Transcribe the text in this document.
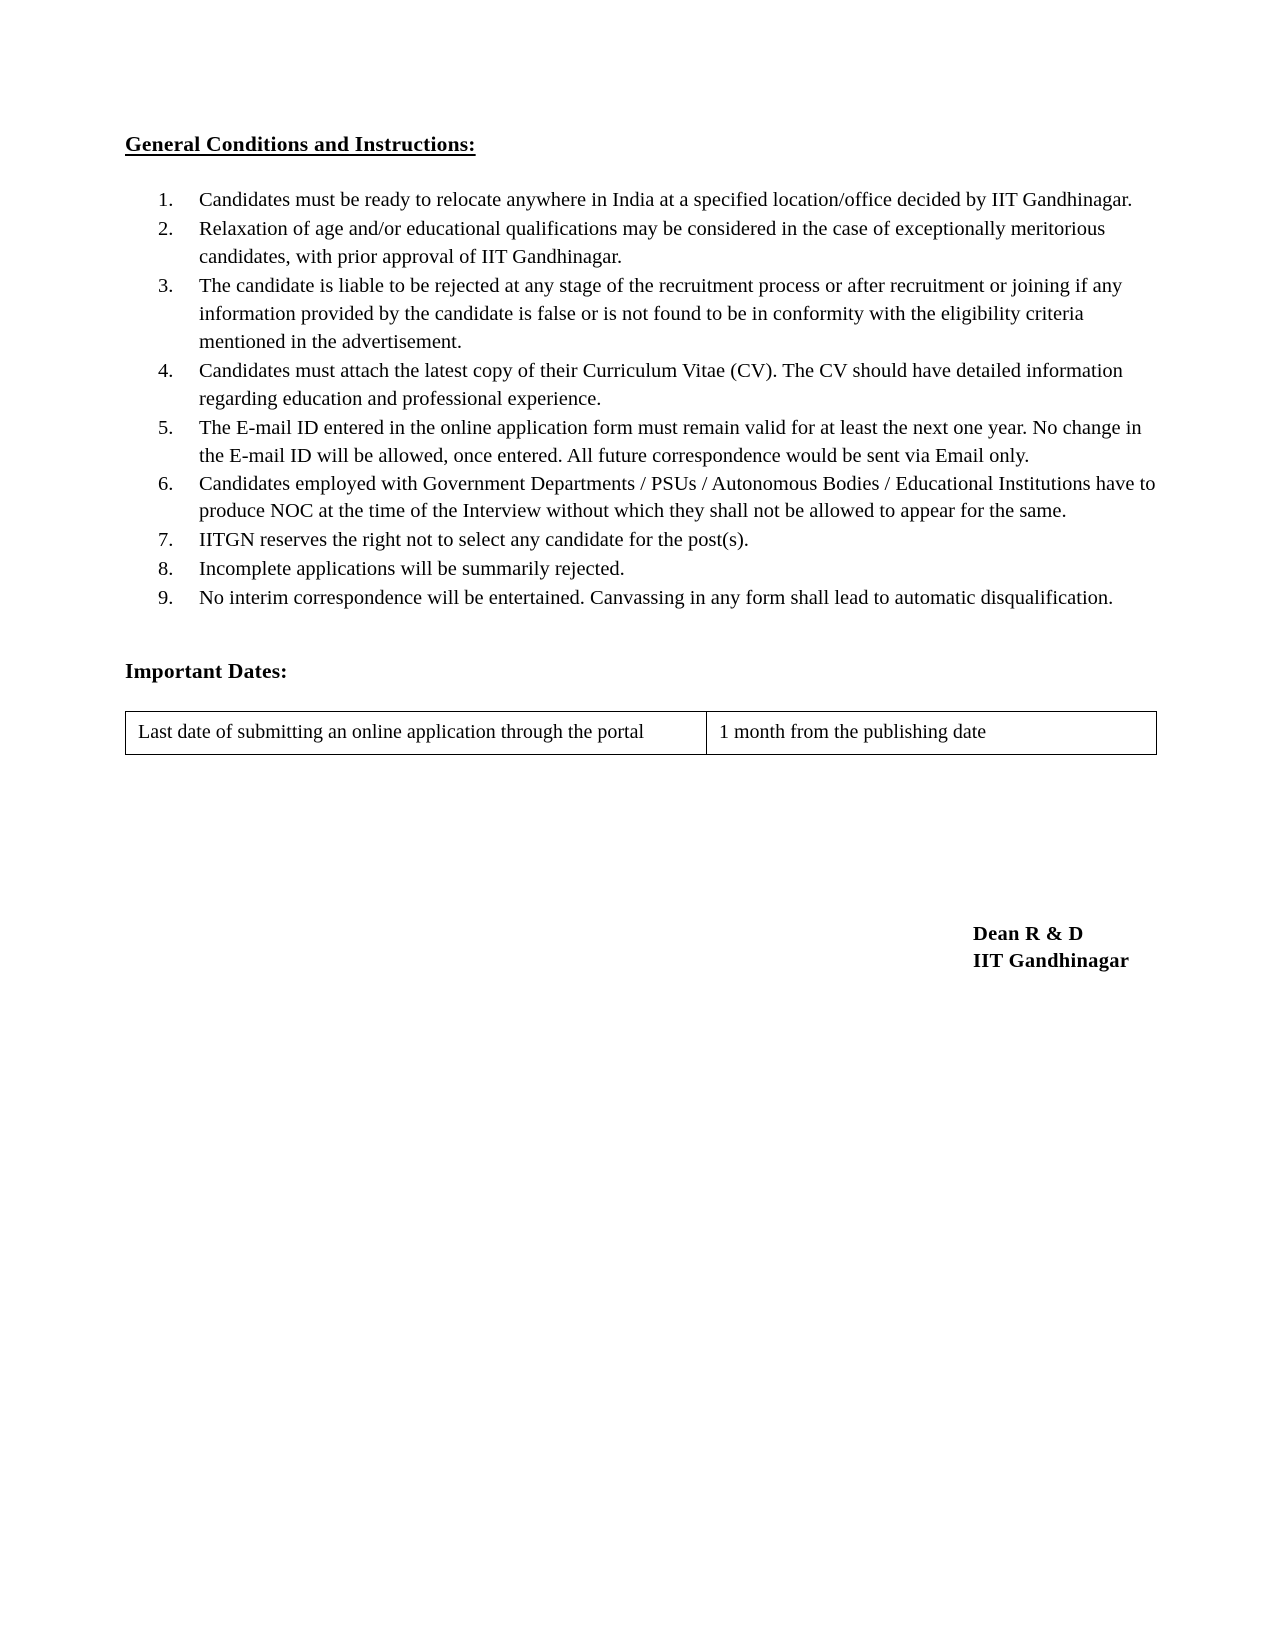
General Conditions and Instructions:
1.	Candidates must be ready to relocate anywhere in India at a specified location/office decided by IIT Gandhinagar.
2.	Relaxation of age and/or educational qualifications may be considered in the case of exceptionally meritorious candidates, with prior approval of IIT Gandhinagar.
3.	The candidate is liable to be rejected at any stage of the recruitment process or after recruitment or joining if any information provided by the candidate is false or is not found to be in conformity with the eligibility criteria mentioned in the advertisement.
4.	Candidates must attach the latest copy of their Curriculum Vitae (CV). The CV should have detailed information regarding education and professional experience.
5.	The E-mail ID entered in the online application form must remain valid for at least the next one year. No change in the E-mail ID will be allowed, once entered. All future correspondence would be sent via Email only.
6.	Candidates employed with Government Departments / PSUs / Autonomous Bodies / Educational Institutions have to produce NOC at the time of the Interview without which they shall not be allowed to appear for the same.
7.	IITGN reserves the right not to select any candidate for the post(s).
8.	Incomplete applications will be summarily rejected.
9.	No interim correspondence will be entertained. Canvassing in any form shall lead to automatic disqualification.
Important Dates:
Last date of submitting an online application through the portal	1 month from the publishing date
Dean R & D
IIT Gandhinagar
